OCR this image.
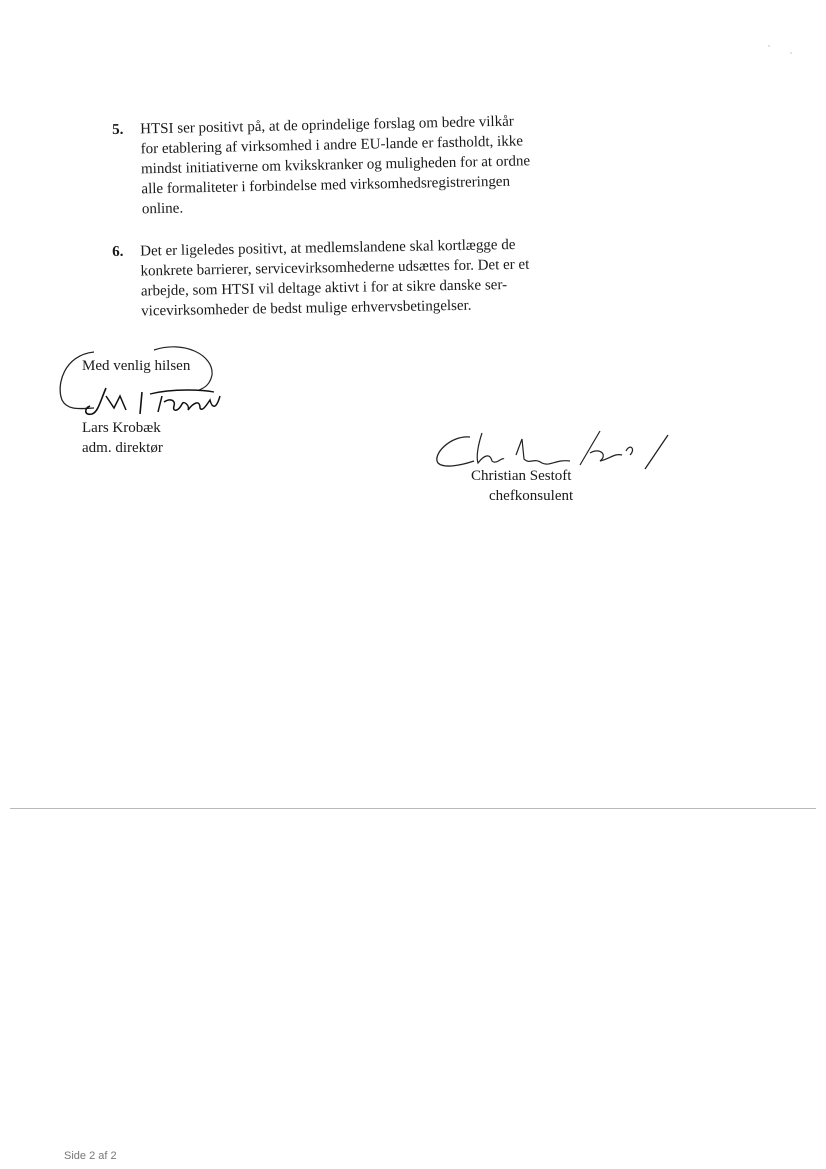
5. HTSI ser positivt på, at de oprindelige forslag om bedre vilkår
for etablering af virksomhed i andre EU-lande er fastholdt, ikke
mindst initiativerne om kvikskranker og muligheden for at ordne
alle formaliteter i forbindelse med virksomhedsregistreringen
online.
6. Det er ligeledes positivt, at medlemslandene skal kortlægge de
konkrete barrierer, servicevirksomhederne udsættes for. Det er et
arbejde, som HTSI vil deltage aktivt i for at sikre danske ser-
vicevirksomheder de bedst mulige erhvervsbetingelser.
Med venlig hilsen
Lars Krobæk
adm. direktør
Christian Sestoft
chefkonsulent
Side 2 af 2
